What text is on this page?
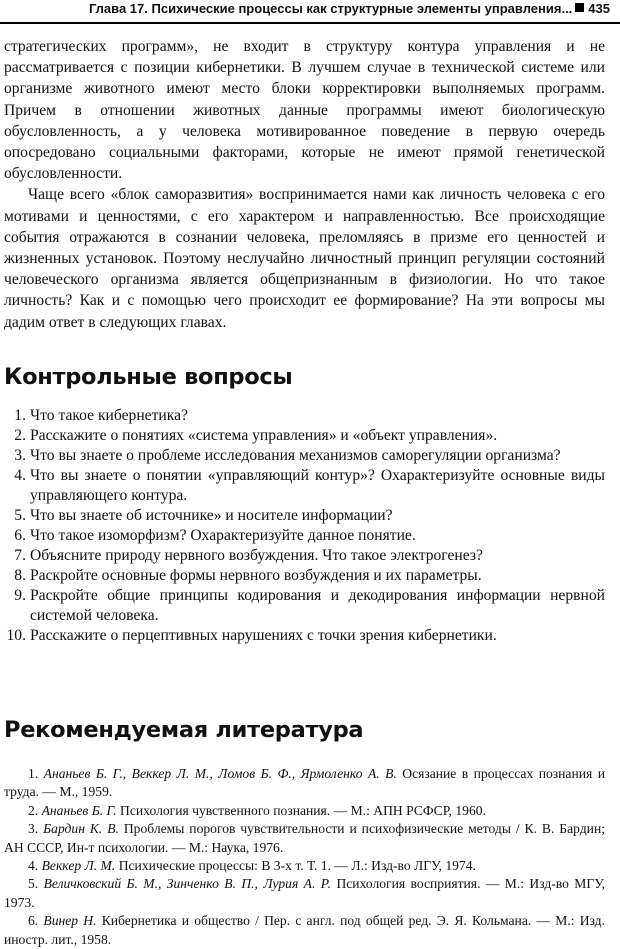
Глава 17. Психические процессы как структурные элементы управления... 435

стратегических программ», не входит в структуру контура управления и не рассматривается с позиции кибернетики. В лучшем случае в технической системе или организме животного имеют место блоки корректировки выполняемых программ. Причем в отношении животных данные программы имеют биологическую обусловленность, а у человека мотивированное поведение в первую очередь опосредовано социальными факторами, которые не имеют прямой генетической обусловленности.

Чаще всего «блок саморазвития» воспринимается нами как личность человека с его мотивами и ценностями, с его характером и направленностью. Все происходящие события отражаются в сознании человека, преломляясь в призме его ценностей и жизненных установок. Поэтому неслучайно личностный принцип регуляции состояний человеческого организма является общепризнанным в физиологии. Но что такое личность? Как и с помощью чего происходит ее формирование? На эти вопросы мы дадим ответ в следующих главах.

Контрольные вопросы
1. Что такое кибернетика?
2. Расскажите о понятиях «система управления» и «объект управления».
3. Что вы знаете о проблеме исследования механизмов саморегуляции организма?
4. Что вы знаете о понятии «управляющий контур»? Охарактеризуйте основные виды управляющего контура.
5. Что вы знаете об источнике» и носителе информации?
6. Что такое изоморфизм? Охарактеризуйте данное понятие.
7. Объясните природу нервного возбуждения. Что такое электрогенез?
8. Раскройте основные формы нервного возбуждения и их параметры.
9. Раскройте общие принципы кодирования и декодирования информации нервной системой человека.
10. Расскажите о перцептивных нарушениях с точки зрения кибернетики.
Рекомендуемая литература
1. Ананьев Б. Г., Веккер Л. М., Ломов Б. Ф., Ярмоленко А. В. Осязание в процессах познания и труда. — М., 1959.
2. Ананьев Б. Г. Психология чувственного познания. — М.: АПН РСФСР, 1960.
3. Бардин К. В. Проблемы порогов чувствительности и психофизические методы / К. В. Бардин; АН СССР, Ин-т психологии. — М.: Наука, 1976.
4. Веккер Л. М. Психические процессы: В 3-х т. Т. 1. — Л.: Изд-во ЛГУ, 1974.
5. Величковский Б. М., Зинченко В. П., Лурия А. Р. Психология восприятия. — М.: Изд-во МГУ, 1973.
6. Винер Н. Кибернетика и общество / Пер. с англ. под общей ред. Э. Я. Кольмана. — М.: Изд. иностр. лит., 1958.
